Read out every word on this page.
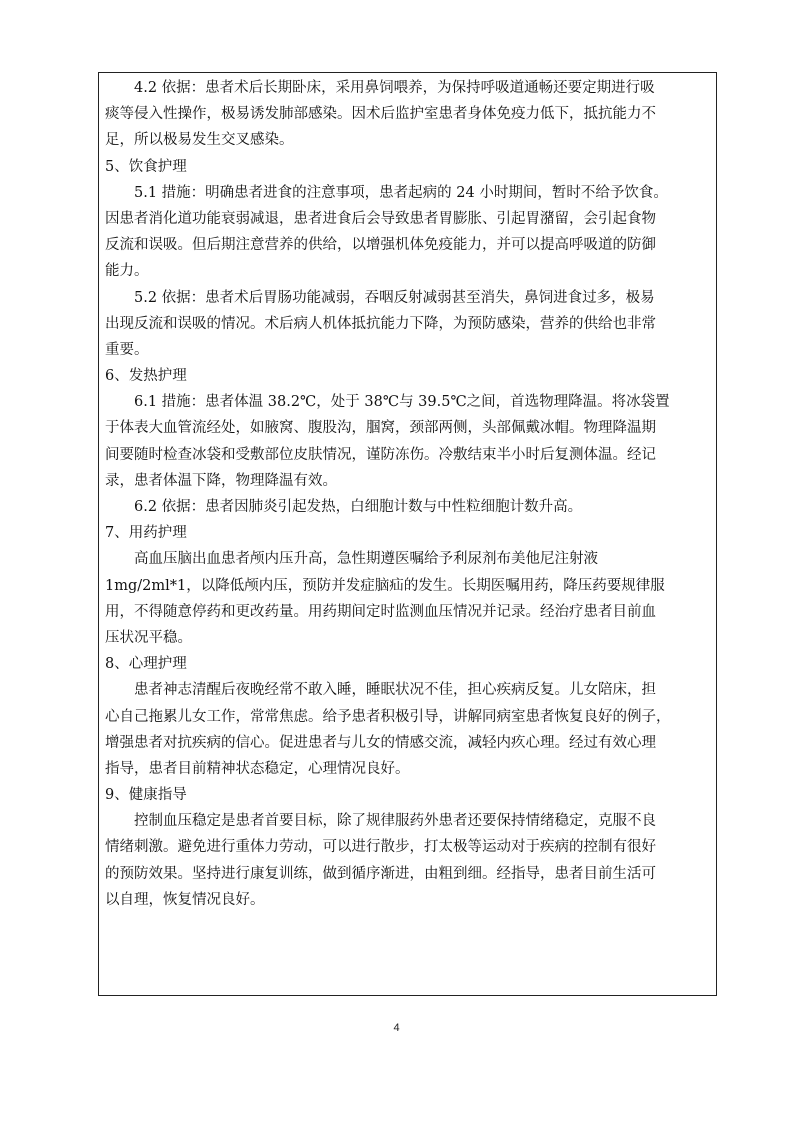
　　4.2 依据：患者术后长期卧床，采用鼻饲喂养，为保持呼吸道通畅还要定期进行吸
痰等侵入性操作，极易诱发肺部感染。因术后监护室患者身体免疫力低下，抵抗能力不
足，所以极易发生交叉感染。
5、饮食护理
　　5.1 措施：明确患者进食的注意事项，患者起病的 24 小时期间，暂时不给予饮食。
因患者消化道功能衰弱减退，患者进食后会导致患者胃膨胀、引起胃潴留，会引起食物
反流和误吸。但后期注意营养的供给，以增强机体免疫能力，并可以提高呼吸道的防御
能力。
　　5.2 依据：患者术后胃肠功能减弱，吞咽反射减弱甚至消失，鼻饲进食过多，极易
出现反流和误吸的情况。术后病人机体抵抗能力下降，为预防感染，营养的供给也非常
重要。
6、发热护理
　　6.1 措施：患者体温 38.2℃，处于 38℃与 39.5℃之间，首选物理降温。将冰袋置
于体表大血管流经处，如腋窝、腹股沟，腘窝，颈部两侧，头部佩戴冰帽。物理降温期
间要随时检查冰袋和受敷部位皮肤情况，谨防冻伤。冷敷结束半小时后复测体温。经记
录，患者体温下降，物理降温有效。
　　6.2 依据：患者因肺炎引起发热，白细胞计数与中性粒细胞计数升高。
7、用药护理
　　高血压脑出血患者颅内压升高，急性期遵医嘱给予利尿剂布美他尼注射液
1mg/2ml*1，以降低颅内压，预防并发症脑疝的发生。长期医嘱用药，降压药要规律服
用，不得随意停药和更改药量。用药期间定时监测血压情况并记录。经治疗患者目前血
压状况平稳。
8、心理护理
　　患者神志清醒后夜晚经常不敢入睡，睡眠状况不佳，担心疾病反复。儿女陪床，担
心自己拖累儿女工作，常常焦虑。给予患者积极引导，讲解同病室患者恢复良好的例子，
增强患者对抗疾病的信心。促进患者与儿女的情感交流，减轻内疚心理。经过有效心理
指导，患者目前精神状态稳定，心理情况良好。
9、健康指导
　　控制血压稳定是患者首要目标，除了规律服药外患者还要保持情绪稳定，克服不良
情绪刺激。避免进行重体力劳动，可以进行散步，打太极等运动对于疾病的控制有很好
的预防效果。坚持进行康复训练，做到循序渐进，由粗到细。经指导，患者目前生活可
以自理，恢复情况良好。
4
